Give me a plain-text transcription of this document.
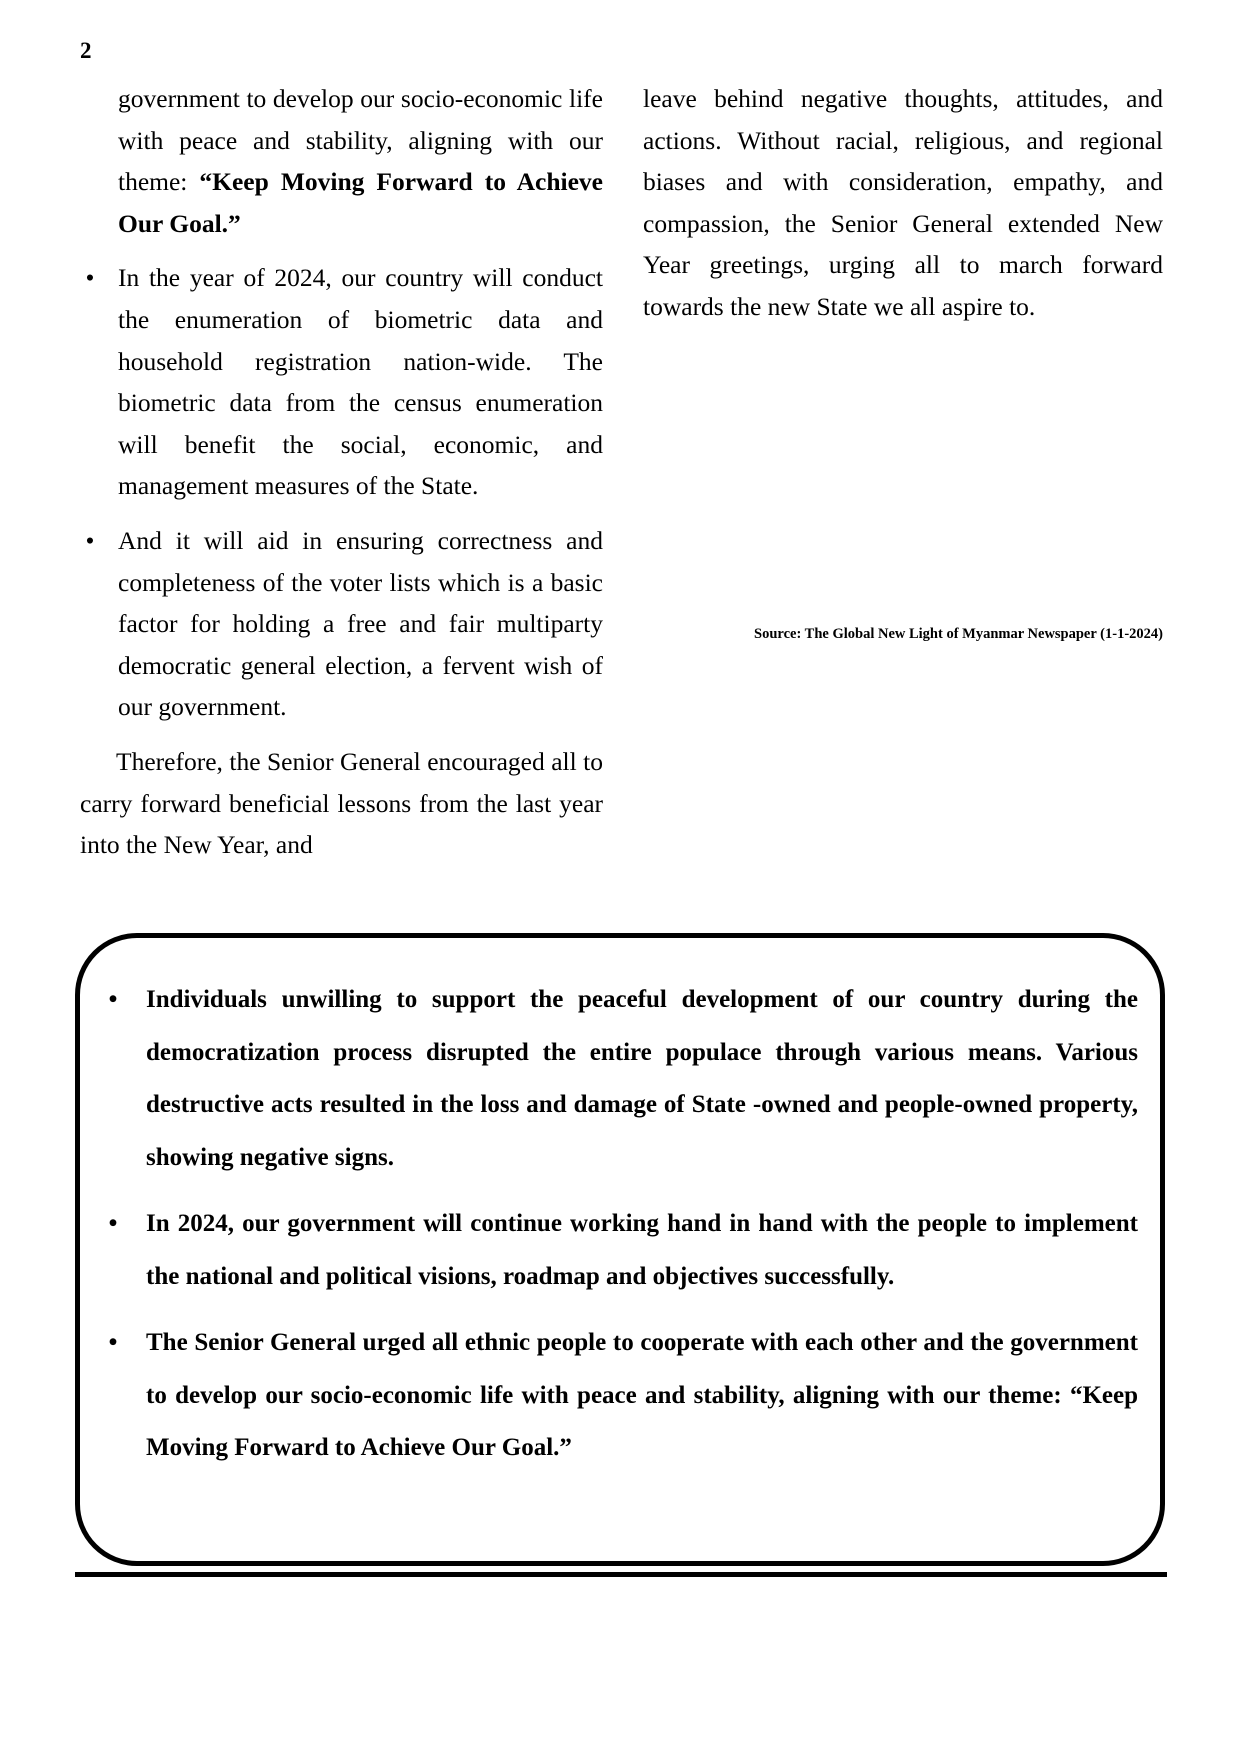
2

government to develop our socio-economic life with peace and stability, aligning with our theme: “Keep Moving Forward to Achieve Our Goal.”

• In the year of 2024, our country will conduct the enumeration of biometric data and household registration nation-wide. The biometric data from the census enumeration will benefit the social, economic, and management measures of the State.
• And it will aid in ensuring correctness and completeness of the voter lists which is a basic factor for holding a free and fair multiparty democratic general election, a fervent wish of our government.

Therefore, the Senior General encouraged all to carry forward beneficial lessons from the last year into the New Year, and

leave behind negative thoughts, attitudes, and actions. Without racial, religious, and regional biases and with consideration, empathy, and compassion, the Senior General extended New Year greetings, urging all to march forward towards the new State we all aspire to.

Source: The Global New Light of Myanmar Newspaper (1-1-2024)
• Individuals unwilling to support the peaceful development of our country during the democratization process disrupted the entire populace through various means. Various destructive acts resulted in the loss and damage of State -owned and people-owned property, showing negative signs.
• In 2024, our government will continue working hand in hand with the people to implement the national and political visions, roadmap and objectives successfully.
• The Senior General urged all ethnic people to cooperate with each other and the government to develop our socio-economic life with peace and stability, aligning with our theme: “Keep Moving Forward to Achieve Our Goal.”
